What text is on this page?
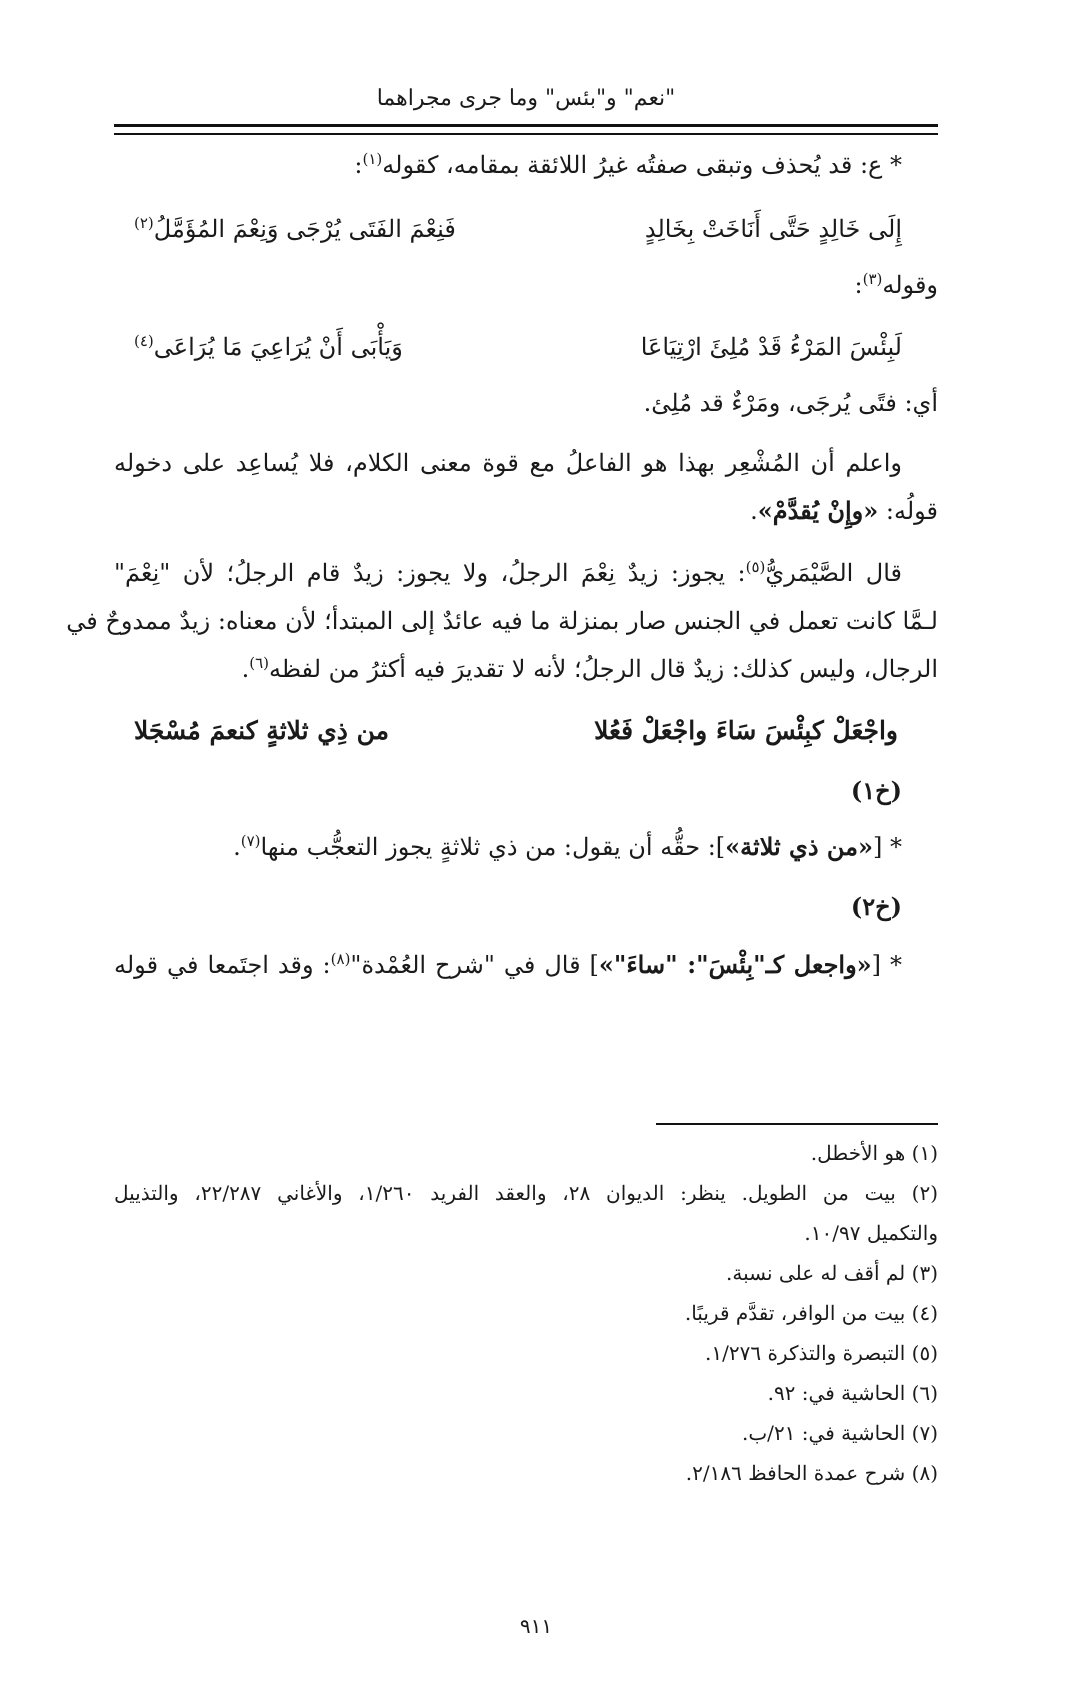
"نعم" و"بئس" وما جرى مجراهما
* ع: قد يُحذف وتبقى صفتُه غيرُ اللائقة بمقامه، كقوله$^{(١)}$:
إِلَى خَالِدٍ حَتَّى أَنَاخَتْ بِخَالِدٍ
فَنِعْمَ الفَتَى يُرْجَى وَنِعْمَ المُؤَمَّلُ$^{(٢)}$
وقوله$^{(٣)}$:
لَبِئْسَ المَرْءُ قَدْ مُلِئَ ارْتِيَاعَا
وَيَأْبَى أَنْ يُرَاعِيَ مَا يُرَاعَى$^{(٤)}$
أي: فتًى يُرجَى، ومَرْءٌ قد مُلِئ.
واعلم أن المُشْعِر بهذا هو الفاعلُ مع قوة معنى الكلام، فلا يُساعِد على دخوله
قولُه: «وإِنْ يُقدَّمْ».
قال الصَّيْمَريُّ$^{(٥)}$: يجوز: زيدٌ نِعْمَ الرجلُ، ولا يجوز: زيدٌ قام الرجلُ؛ لأن "نِعْمَ"
لـمَّا كانت تعمل في الجنس صار بمنزلة ما فيه عائدٌ إلى المبتدأ؛ لأن معناه: زيدٌ ممدوحٌ في
الرجال، وليس كذلك: زيدٌ قال الرجلُ؛ لأنه لا تقديرَ فيه أكثرُ من لفظه$^{(٦)}$.
واجْعَلْ كبِئْسَ سَاءَ واجْعَلْ فَعُلا
من ذِي ثلاثةٍ كنعمَ مُسْجَلا
(خ١)
* [«من ذي ثلاثة»]: حقُّه أن يقول: من ذي ثلاثةٍ يجوز التعجُّب منها$^{(٧)}$.
(خ٢)
* [«واجعل كـ"بِئْسَ": "ساءَ"»] قال في "شرح العُمْدة"$^{(٨)}$: وقد اجتَمعا في قوله
(١) هو الأخطل.
(٢) بيت من الطويل. ينظر: الديوان ٢٨، والعقد الفريد ١/٢٦٠، والأغاني ٢٢/٢٨٧، والتذييل
والتكميل ١٠/٩٧.
(٣) لم أقف له على نسبة.
(٤) بيت من الوافر، تقدَّم قريبًا.
(٥) التبصرة والتذكرة ١/٢٧٦.
(٦) الحاشية في: ٩٢.
(٧) الحاشية في: ٢١/ب.
(٨) شرح عمدة الحافظ ٢/١٨٦.
٩١١
